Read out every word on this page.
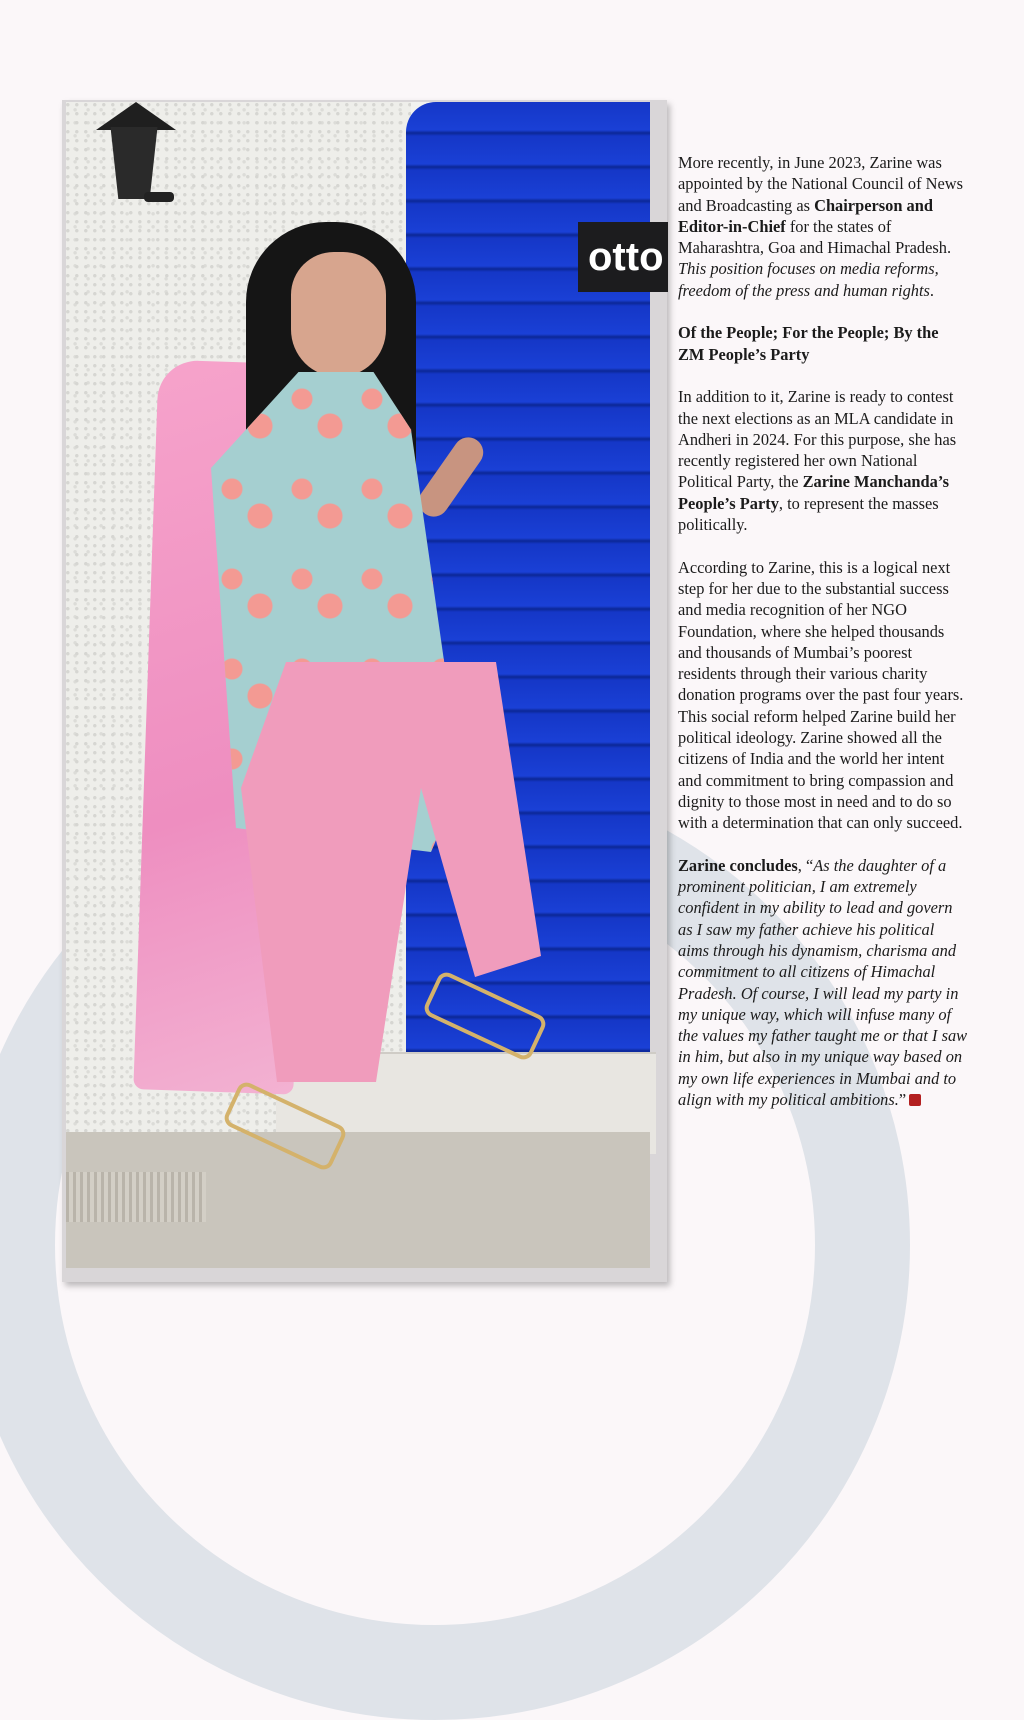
otto

More recently, in June 2023, Zarine was appointed by the National Council of News and Broadcasting as Chairperson and Editor-in-Chief for the states of Maharashtra, Goa and Himachal Pradesh. This position focuses on media reforms, freedom of the press and human rights.

Of the People; For the People; By the ZM People’s Party

In addition to it, Zarine is ready to contest the next elections as an MLA candidate in Andheri in 2024. For this purpose, she has recently registered her own National Political Party, the Zarine Manchanda’s People’s Party, to represent the masses politically.

According to Zarine, this is a logical next step for her due to the substantial success and media recognition of her NGO Foundation, where she helped thousands and thousands of Mumbai’s poorest residents through their various charity donation programs over the past four years. This social reform helped Zarine build her political ideology. Zarine showed all the citizens of India and the world her intent and commitment to bring compassion and dignity to those most in need and to do so with a determination that can only succeed.

Zarine concludes, “As the daughter of a prominent politician, I am extremely confident in my ability to lead and govern as I saw my father achieve his political aims through his dynamism, charisma and commitment to all citizens of Himachal Pradesh. Of course, I will lead my party in my unique way, which will infuse many of the values my father taught me or that I saw in him, but also in my unique way based on my own life experiences in Mumbai and to align with my political ambitions.”
